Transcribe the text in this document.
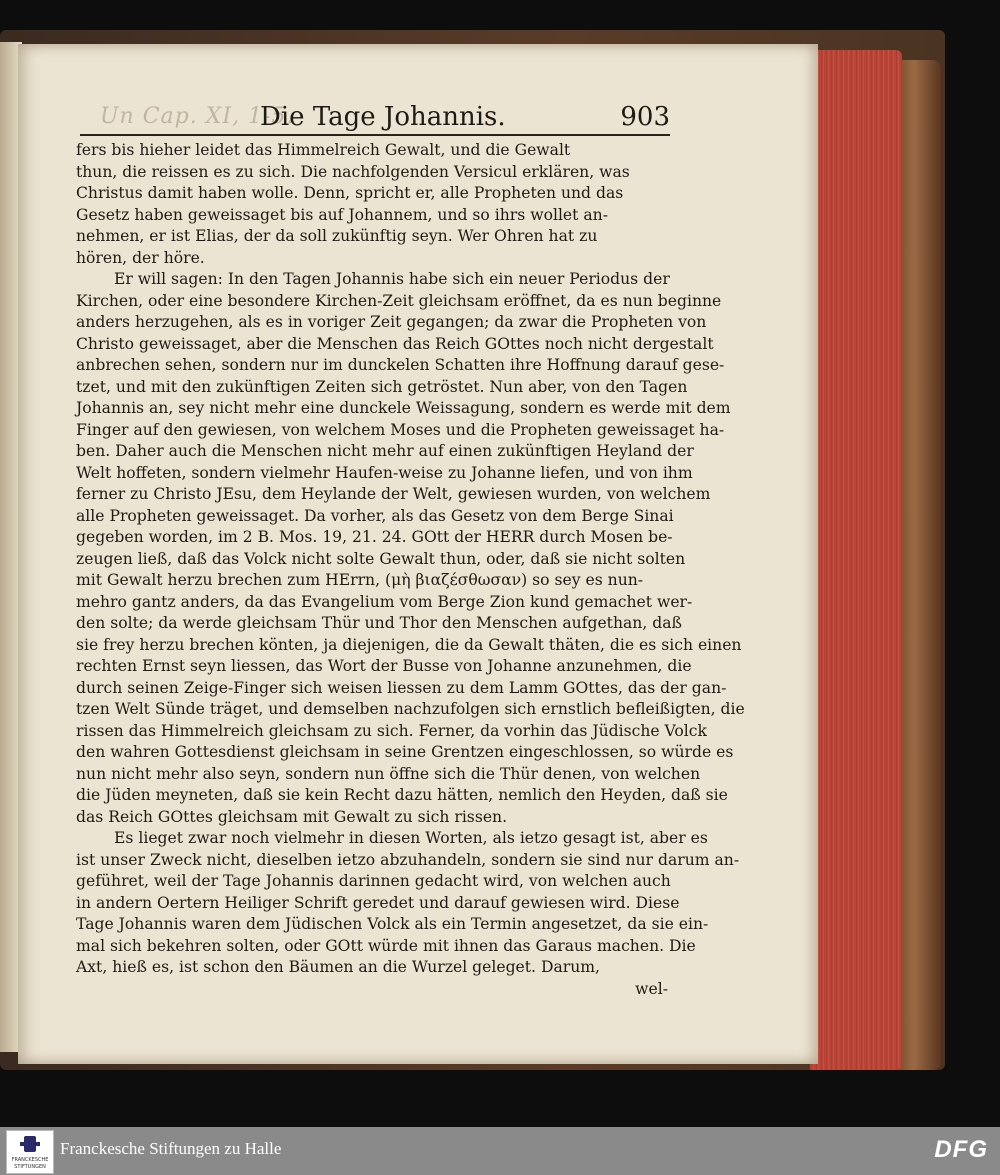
Un Cap. XI, 1-5.
Die Tage Johannis.	903
fers bis hieher leidet das Himmelreich Gewalt, und die Gewalt
thun, die reissen es zu sich. Die nachfolgenden Versicul erklären, was
Christus damit haben wolle. Denn, spricht er, alle Propheten und das
Gesetz haben geweissaget bis auf Johannem, und so ihrs wollet an-
nehmen, er ist Elias, der da soll zukünftig seyn. Wer Ohren hat zu
hören, der höre.
Er will sagen: In den Tagen Johannis habe sich ein neuer Periodus der
Kirchen, oder eine besondere Kirchen-Zeit gleichsam eröffnet, da es nun beginne
anders herzugehen, als es in voriger Zeit gegangen; da zwar die Propheten von
Christo geweissaget, aber die Menschen das Reich GOttes noch nicht dergestalt
anbrechen sehen, sondern nur im dunckelen Schatten ihre Hoffnung darauf gese-
tzet, und mit den zukünftigen Zeiten sich getröstet. Nun aber, von den Tagen
Johannis an, sey nicht mehr eine dunckele Weissagung, sondern es werde mit dem
Finger auf den gewiesen, von welchem Moses und die Propheten geweissaget ha-
ben. Daher auch die Menschen nicht mehr auf einen zukünftigen Heyland der
Welt hoffeten, sondern vielmehr Haufen-weise zu Johanne liefen, und von ihm
ferner zu Christo JEsu, dem Heylande der Welt, gewiesen wurden, von welchem
alle Propheten geweissaget. Da vorher, als das Gesetz von dem Berge Sinai
gegeben worden, im 2 B. Mos. 19, 21. 24. GOtt der HERR durch Mosen be-
zeugen ließ, daß das Volck nicht solte Gewalt thun, oder, daß sie nicht solten
mit Gewalt herzu brechen zum HErrn, (μὴ βιαζέσθωσαν) so sey es nun-
mehro gantz anders, da das Evangelium vom Berge Zion kund gemachet wer-
den solte; da werde gleichsam Thür und Thor den Menschen aufgethan, daß
sie frey herzu brechen könten, ja diejenigen, die da Gewalt thäten, die es sich einen
rechten Ernst seyn liessen, das Wort der Busse von Johanne anzunehmen, die
durch seinen Zeige-Finger sich weisen liessen zu dem Lamm GOttes, das der gan-
tzen Welt Sünde träget, und demselben nachzufolgen sich ernstlich befleißigten, die
rissen das Himmelreich gleichsam zu sich. Ferner, da vorhin das Jüdische Volck
den wahren Gottesdienst gleichsam in seine Grentzen eingeschlossen, so würde es
nun nicht mehr also seyn, sondern nun öffne sich die Thür denen, von welchen
die Jüden meyneten, daß sie kein Recht dazu hätten, nemlich den Heyden, daß sie
das Reich GOttes gleichsam mit Gewalt zu sich rissen.
Es lieget zwar noch vielmehr in diesen Worten, als ietzo gesagt ist, aber es
ist unser Zweck nicht, dieselben ietzo abzuhandeln, sondern sie sind nur darum an-
geführet, weil der Tage Johannis darinnen gedacht wird, von welchen auch
in andern Oertern Heiliger Schrift geredet und darauf gewiesen wird. Diese
Tage Johannis waren dem Jüdischen Volck als ein Termin angesetzet, da sie ein-
mal sich bekehren solten, oder GOtt würde mit ihnen das Garaus machen. Die
Axt, hieß es, ist schon den Bäumen an die Wurzel geleget. Darum,
wel-
FRANCKESCHE
STIFTUNGEN
Franckesche Stiftungen zu Halle	DFG
